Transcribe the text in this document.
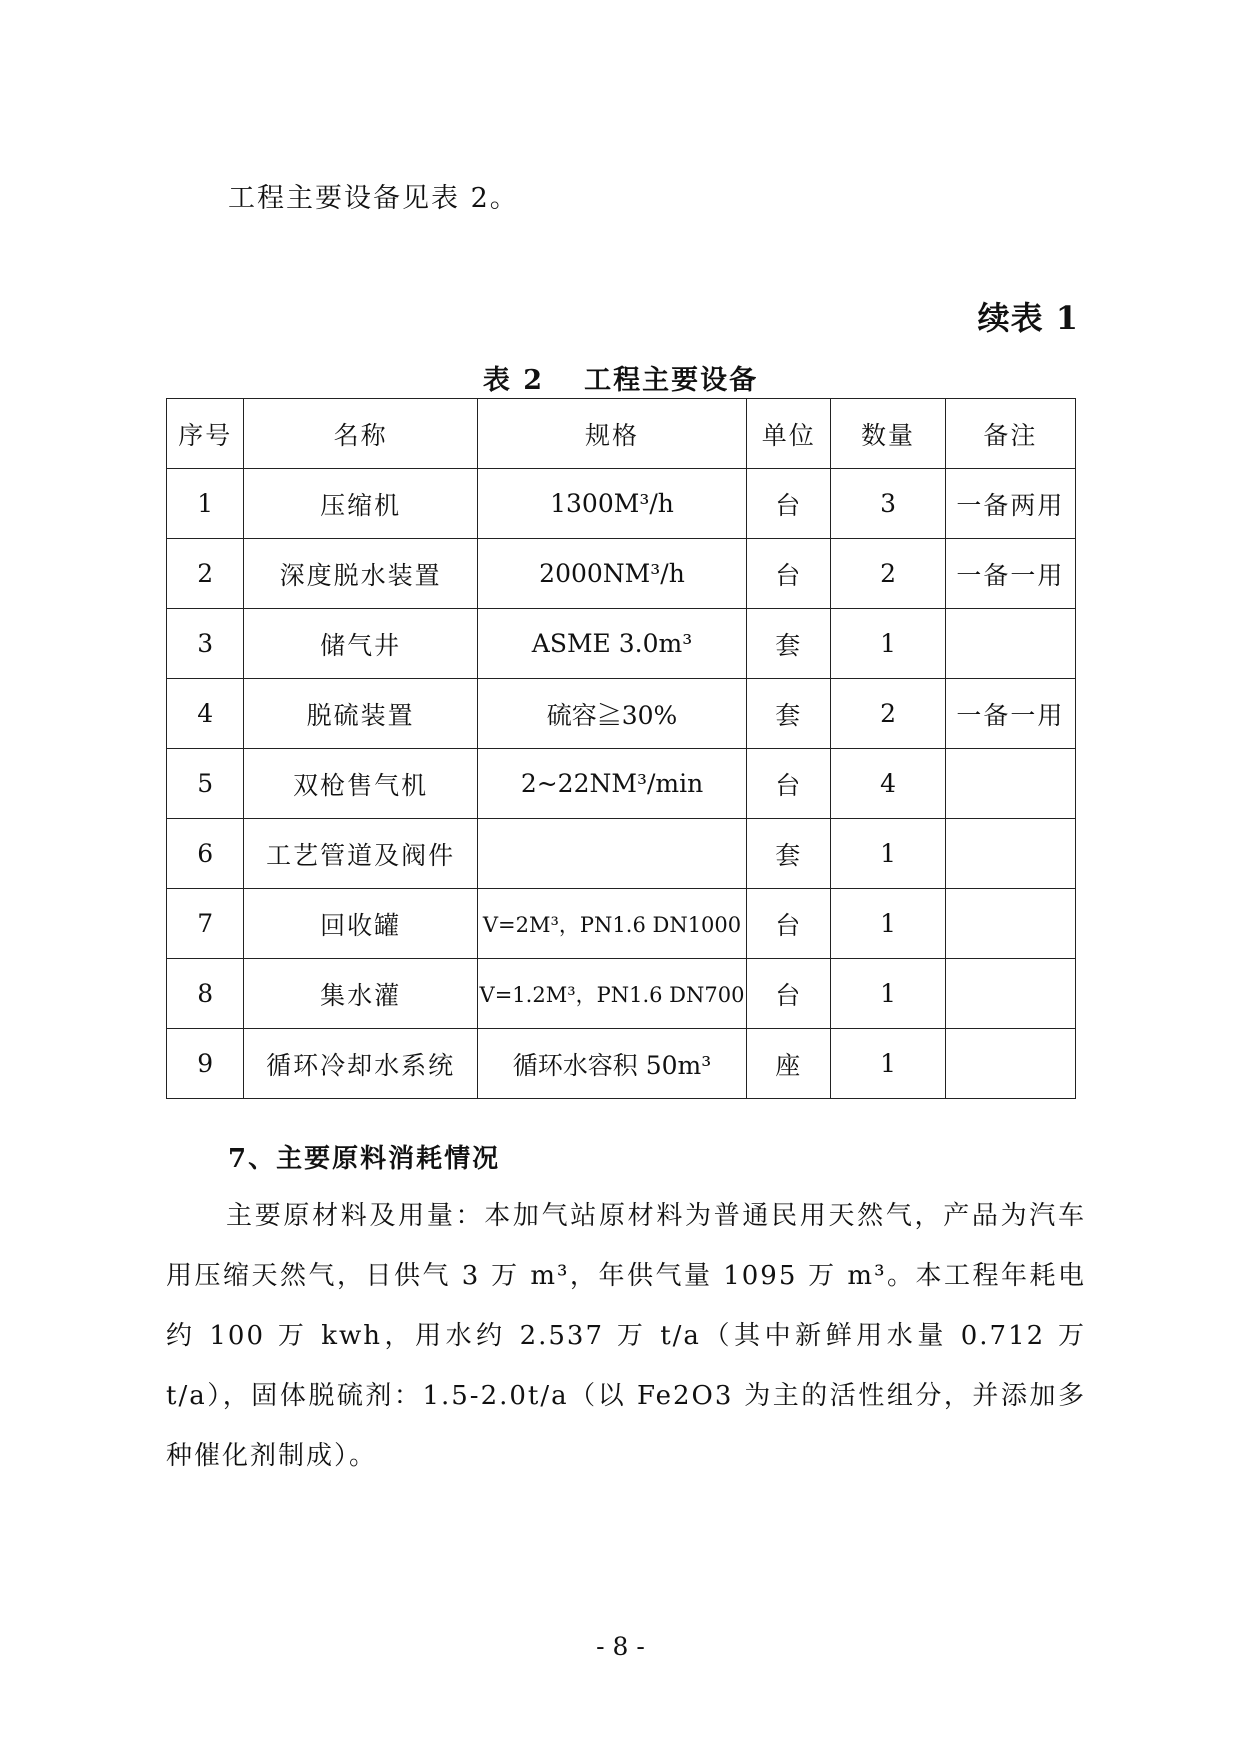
工程主要设备见表 2。
续表 1
表 2 工程主要设备
序号	名称	规格	单位	数量	备注
1	压缩机	1300M³/h	台	3	一备两用
2	深度脱水装置	2000NM³/h	台	2	一备一用
3	储气井	ASME 3.0m³	套	1	
4	脱硫装置	硫容≧30%	套	2	一备一用
5	双枪售气机	2~22NM³/min	台	4	
6	工艺管道及阀件		套	1	
7	回收罐	V=2M³，PN1.6 DN1000	台	1	
8	集水灌	V=1.2M³，PN1.6 DN700	台	1	
9	循环冷却水系统	循环水容积 50m³	座	1	
7、主要原料消耗情况

主要原材料及用量：本加气站原材料为普通民用天然气，产品为汽车用压缩天然气，日供气 3 万 m³，年供气量 1095 万 m³。本工程年耗电约 100 万 kwh，用水约 2.537 万 t/a（其中新鲜用水量 0.712 万 t/a），固体脱硫剂：1.5-2.0t/a（以 Fe2O3 为主的活性组分，并添加多种催化剂制成）。

- 8 -
